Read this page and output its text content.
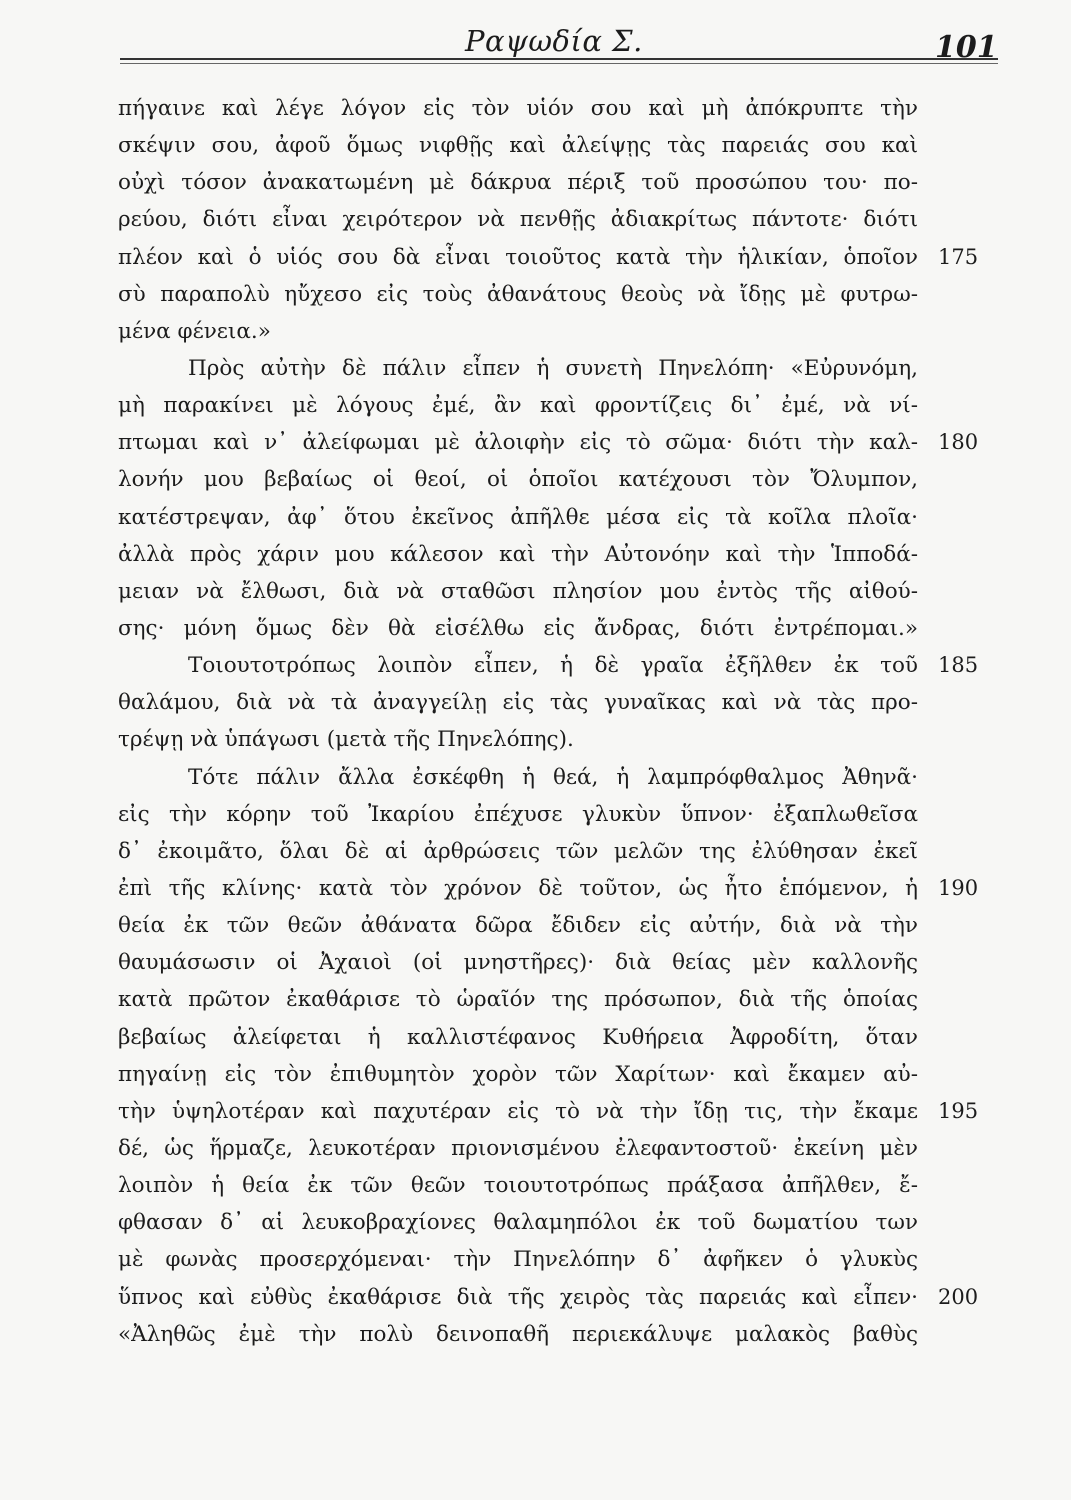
Ραψωδία Σ.	101
πήγαινε καὶ λέγε λόγον εἰς τὸν υἱόν σου καὶ μὴ ἀπόκρυπτε τὴν
σκέψιν σου, ἀφοῦ ὅμως νιφθῇς καὶ ἀλείψῃς τὰς παρειάς σου καὶ
οὐχὶ τόσον ἀνακατωμένη μὲ δάκρυα πέριξ τοῦ προσώπου του· πο-
ρεύου, διότι εἶναι χειρότερον νὰ πενθῇς ἀδιακρίτως πάντοτε· διότι
πλέον καὶ ὁ υἱός σου δὰ εἶναι τοιοῦτος κατὰ τὴν ἡλικίαν, ὁποῖον
σὺ παραπολὺ ηὔχεσο εἰς τοὺς ἀθανάτους θεοὺς νὰ ἴδῃς μὲ φυτρω-
μένα φένεια.»
Πρὸς αὐτὴν δὲ πάλιν εἶπεν ἡ συνετὴ Πηνελόπη· «Εὐρυνόμη,
μὴ παρακίνει μὲ λόγους ἐμέ, ἂν καὶ φροντίζεις δι᾽ ἐμέ, νὰ νί-
πτωμαι καὶ ν᾽ ἀλείφωμαι μὲ ἀλοιφὴν εἰς τὸ σῶμα· διότι τὴν καλ-
λονήν μου βεβαίως οἱ θεοί, οἱ ὁποῖοι κατέχουσι τὸν Ὄλυμπον,
κατέστρεψαν, ἀφ᾽ ὅτου ἐκεῖνος ἀπῆλθε μέσα εἰς τὰ κοῖλα πλοῖα·
ἀλλὰ πρὸς χάριν μου κάλεσον καὶ τὴν Αὐτονόην καὶ τὴν Ἱπποδά-
μειαν νὰ ἔλθωσι, διὰ νὰ σταθῶσι πλησίον μου ἐντὸς τῆς αἰθού-
σης· μόνη ὅμως δὲν θὰ εἰσέλθω εἰς ἄνδρας, διότι ἐντρέπομαι.»
Τοιουτοτρόπως λοιπὸν εἶπεν, ἡ δὲ γραῖα ἐξῆλθεν ἐκ τοῦ
θαλάμου, διὰ νὰ τὰ ἀναγγείλῃ εἰς τὰς γυναῖκας καὶ νὰ τὰς προ-
τρέψῃ νὰ ὑπάγωσι (μετὰ τῆς Πηνελόπης).
Τότε πάλιν ἄλλα ἐσκέφθη ἡ θεά, ἡ λαμπρόφθαλμος Ἀθηνᾶ·
εἰς τὴν κόρην τοῦ Ἰκαρίου ἐπέχυσε γλυκὺν ὕπνον· ἐξαπλωθεῖσα
δ᾽ ἐκοιμᾶτο, ὅλαι δὲ αἱ ἀρθρώσεις τῶν μελῶν της ἐλύθησαν ἐκεῖ
ἐπὶ τῆς κλίνης· κατὰ τὸν χρόνον δὲ τοῦτον, ὡς ἦτο ἑπόμενον, ἡ
θεία ἐκ τῶν θεῶν ἀθάνατα δῶρα ἔδιδεν εἰς αὐτήν, διὰ νὰ τὴν
θαυμάσωσιν οἱ Ἀχαιοὶ (οἱ μνηστῆρες)· διὰ θείας μὲν καλλονῆς
κατὰ πρῶτον ἐκαθάρισε τὸ ὡραῖόν της πρόσωπον, διὰ τῆς ὁποίας
βεβαίως ἀλείφεται ἡ καλλιστέφανος Κυθήρεια Ἀφροδίτη, ὅταν
πηγαίνῃ εἰς τὸν ἐπιθυμητὸν χορὸν τῶν Χαρίτων· καὶ ἔκαμεν αὐ-
τὴν ὑψηλοτέραν καὶ παχυτέραν εἰς τὸ νὰ τὴν ἴδῃ τις, τὴν ἔκαμε
δέ, ὡς ἥρμαζε, λευκοτέραν πριονισμένου ἐλεφαντοστοῦ· ἐκείνη μὲν
λοιπὸν ἡ θεία ἐκ τῶν θεῶν τοιουτοτρόπως πράξασα ἀπῆλθεν, ἔ-
φθασαν δ᾽ αἱ λευκοβραχίονες θαλαμηπόλοι ἐκ τοῦ δωματίου των
μὲ φωνὰς προσερχόμεναι· τὴν Πηνελόπην δ᾽ ἀφῆκεν ὁ γλυκὺς
ὕπνος καὶ εὐθὺς ἐκαθάρισε διὰ τῆς χειρὸς τὰς παρειάς καὶ εἶπεν·
«Ἀληθῶς ἐμὲ τὴν πολὺ δεινοπαθῆ περιεκάλυψε μαλακὸς βαθὺς
175
180
185
190
195
200
